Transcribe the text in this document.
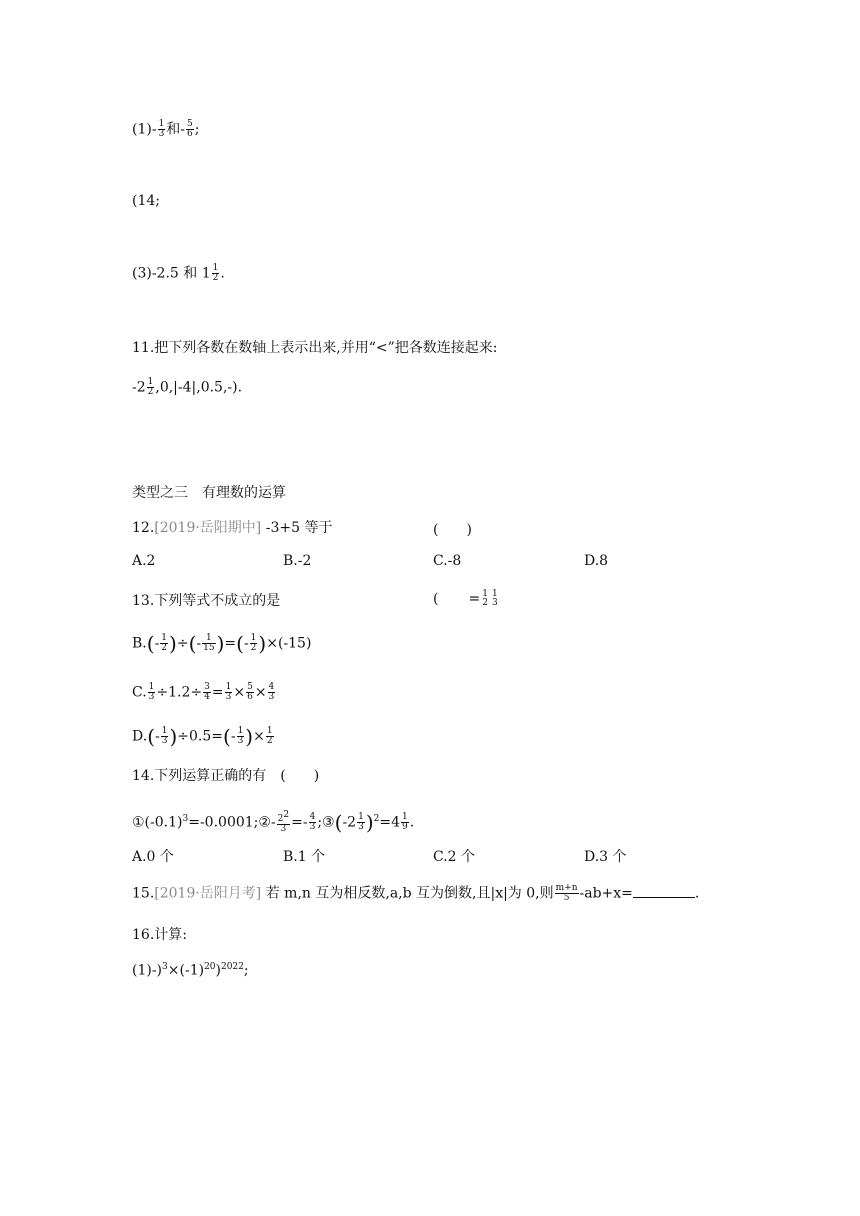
$(1)- \frac{1}{3}$ 和- $\frac{5}{6}$ ;
(14;
(3)-2.5 和 $1 \frac{1}{2}$ .
11.把下列各数在数轴上表示出来,并用“<”把各数连接起来:
$-2 \frac{1}{2} ,0,|-4|,0.5,-$).
类型之三　有理数的运算
12.[2019·岳阳期中] -3+5 等于	(　　)
A.2	B.-2	C.-8	D.8
13.下列等式不成立的是	( = 1
2
1
3
$B.(- \frac{1}{2}$ )÷(- $\frac{1}{15}$ )=(- $\frac{1}{2} )\times(-15)$
C. $\frac{1}{3} \div 1.2\div \frac{3}{4} = \frac{1}{3} \times \frac{5}{6} \times \frac{4}{3}$
$D.(- \frac{1}{3} )\div 0.5=(- \frac{1}{3}$ )× $\frac{1}{2}$
14.下列运算正确的有 (　　)
$①(-0.1)^3=-0.0001;②- \frac{22}{3} =- \frac{4}{3}$ ;③(-2 $\frac{1}{3} )^2=4 \frac{1}{9}$ .
A.0 个	B.1 个	C.2 个	D.3 个
15.[2019·岳阳月考] 若 m,n 互为相反数,a,b 互为倒数,且|x|为 0,则 $\frac{m+n}{5} -ab+x=$	.
16.计算:
$(1)-)^3\times(-1)^{20})^{2022}$;
